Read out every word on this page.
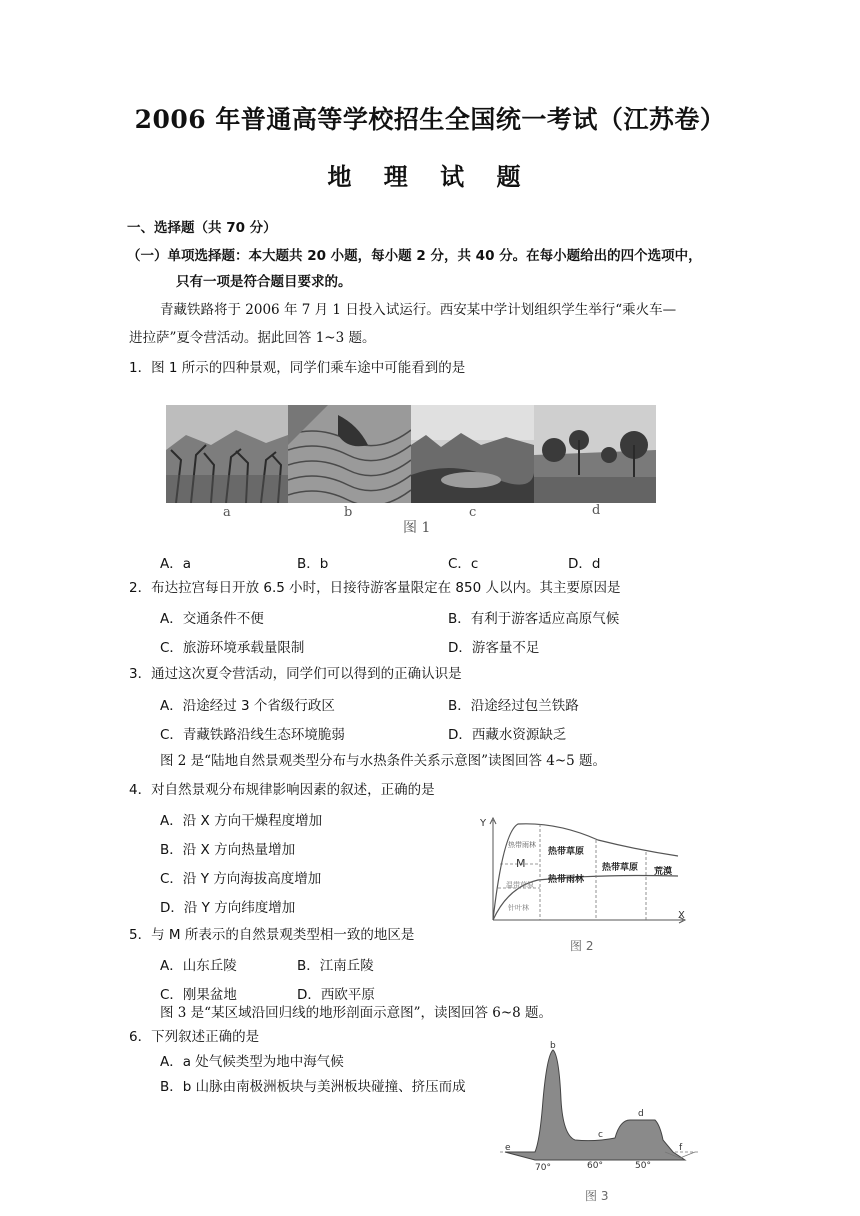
2006 年普通高等学校招生全国统一考试（江苏卷）
地 理 试 题
一、选择题（共 70 分）
（一）单项选择题：本大题共 20 小题，每小题 2 分，共 40 分。在每小题给出的四个选项中，
只有一项是符合题目要求的。
青藏铁路将于 2006 年 7 月 1 日投入试运行。西安某中学计划组织学生举行“乘火车—
进拉萨”夏令营活动。据此回答 1~3 题。
1．图 1 所示的四种景观，同学们乘车途中可能看到的是
a	b	c	d
图 1
A．a	B．b	C．c	D．d
2．布达拉宫每日开放 6.5 小时，日接待游客量限定在 850 人以内。其主要原因是
A．交通条件不便	B．有利于游客适应高原气候
C．旅游环境承载量限制	D．游客量不足
3．通过这次夏令营活动，同学们可以得到的正确认识是
A．沿途经过 3 个省级行政区	B．沿途经过包兰铁路
C．青藏铁路沿线生态环境脆弱	D．西藏水资源缺乏
图 2 是“陆地自然景观类型分布与水热条件关系示意图”读图回答 4~5 题。
4．对自然景观分布规律影响因素的叙述，正确的是
A．沿 X 方向干燥程度增加
B．沿 X 方向热量增加
C．沿 Y 方向海拔高度增加
D．沿 Y 方向纬度增加
Y
X
热带雨林
M
温带草原
针叶林
热带草原
热带雨林
热带草原 荒漠
图 2
5．与 M 所表示的自然景观类型相一致的地区是
A．山东丘陵	B．江南丘陵
C．刚果盆地	D．西欧平原
图 3 是“某区域沿回归线的地形剖面示意图”，读图回答 6~8 题。
6．下列叙述正确的是
A．a 处气候类型为地中海气候
B．b 山脉由南极洲板块与美洲板块碰撞、挤压而成
b
d
c
e	f
70°	60°	50°
图 3
